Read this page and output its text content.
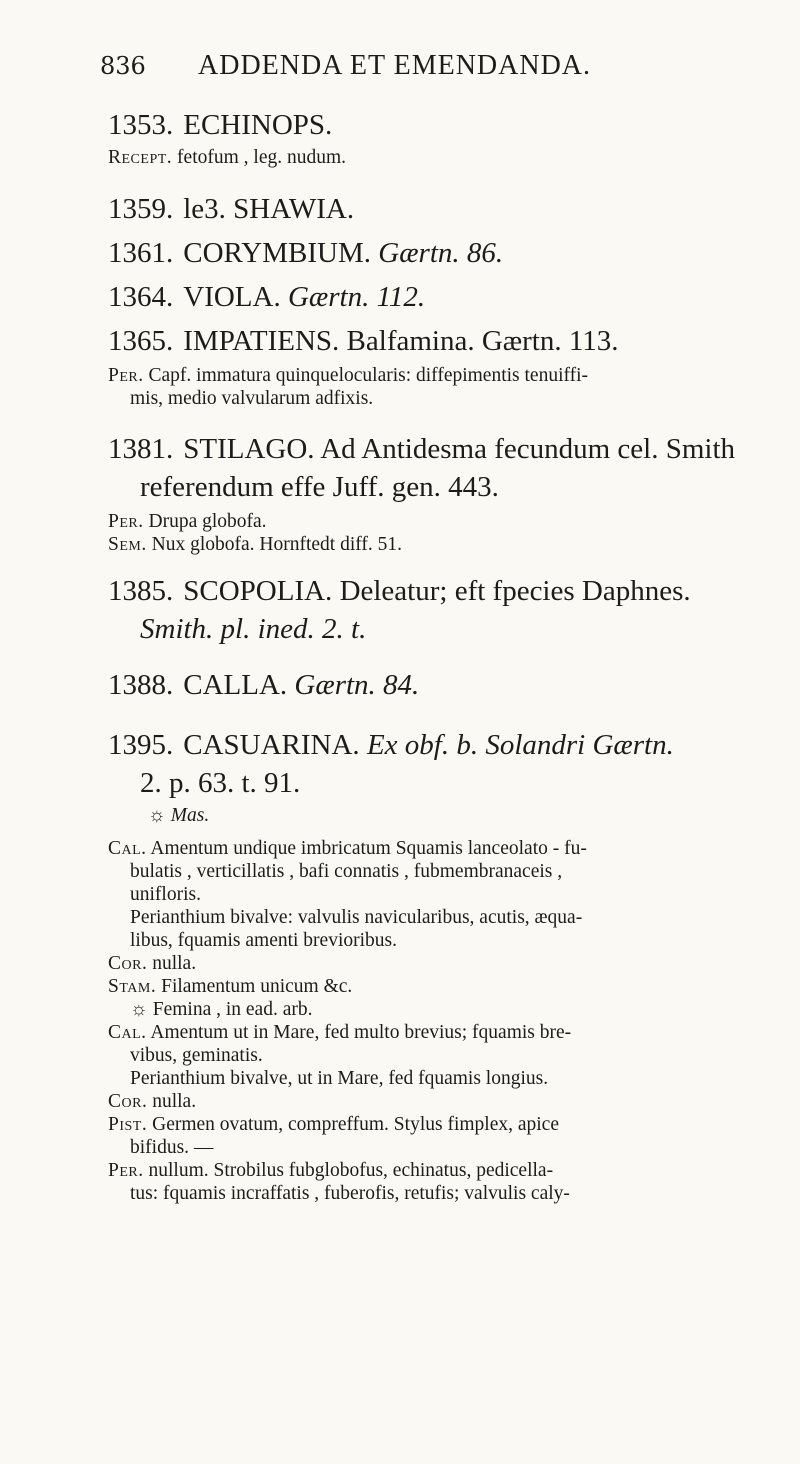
836 ADDENDA ET EMENDANDA.
1353. ECHINOPS.
Recept. fetofum , leg. nudum.
1359. le3. SHAWIA.
1361. CORYMBIUM. Gærtn. 86.
1364. VIOLA. Gærtn. 112.
1365. IMPATIENS. Balfamina. Gærtn. 113.
Per. Capf. immatura quinquelocularis: diffepimentis tenuiffi-
mis, medio valvularum adfixis.
1381. STILAGO. Ad Antidesma fecundum cel. Smith
referendum effe Juff. gen. 443.
Per. Drupa globofa.
Sem. Nux globofa. Hornftedt diff. 51.
1385. SCOPOLIA. Deleatur; eft fpecies Daphnes.
Smith. pl. ined. 2. t.
1388. CALLA. Gærtn. 84.
1395. CASUARINA. Ex obf. b. Solandri Gærtn.
2. p. 63. t. 91.
☼ Mas.
Cal. Amentum undique imbricatum Squamis lanceolato - fu-
bulatis , verticillatis , bafi connatis , fubmembranaceis ,
unifloris.
Perianthium bivalve: valvulis navicularibus, acutis, æqua-
libus, fquamis amenti brevioribus.
Cor. nulla.
Stam. Filamentum unicum &c.
☼ Femina , in ead. arb.
Cal. Amentum ut in Mare, fed multo brevius; fquamis bre-
vibus, geminatis.
Perianthium bivalve, ut in Mare, fed fquamis longius.
Cor. nulla.
Pist. Germen ovatum, compreffum. Stylus fimplex, apice
bifidus. —
Per. nullum. Strobilus fubglobofus, echinatus, pedicella-
tus: fquamis incraffatis , fuberofis, retufis; valvulis caly-
